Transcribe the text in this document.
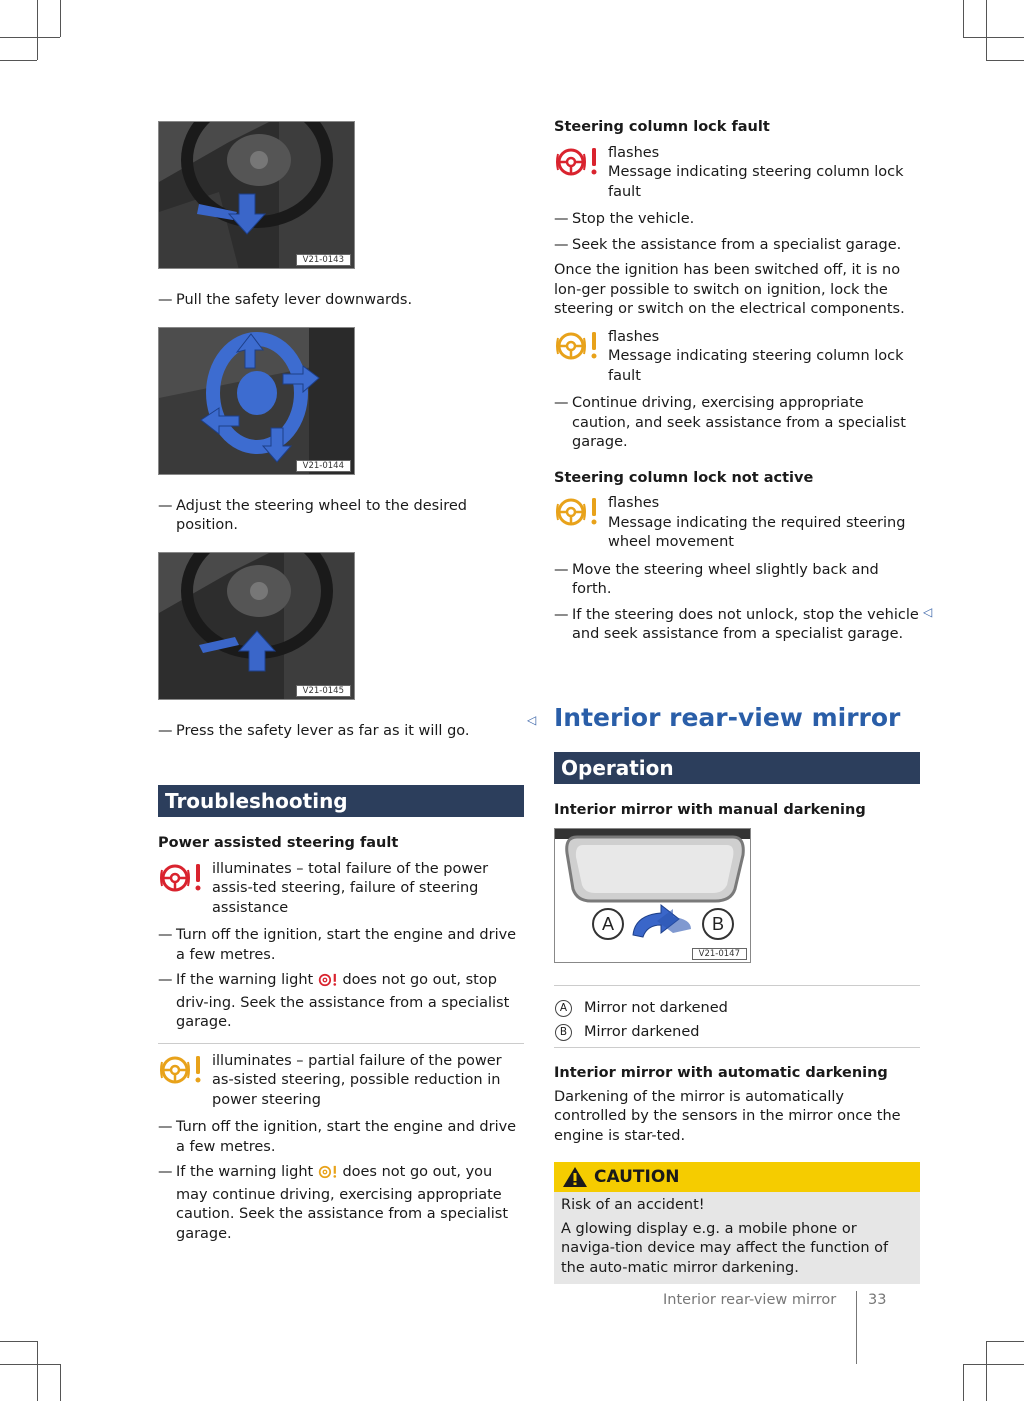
V21-0143
— Pull the safety lever downwards.
V21-0144
— Adjust the steering wheel to the desired position.
V21-0145
— Press the safety lever as far as it will go.
Troubleshooting
Power assisted steering fault
illuminates – total failure of the power assis-ted steering, failure of steering assistance
— Turn off the ignition, start the engine and drive a few metres.
— If the warning light does not go out, stop driv-ing. Seek the assistance from a specialist garage.
illuminates – partial failure of the power as-sisted steering, possible reduction in power steering
— Turn off the ignition, start the engine and drive a few metres.
— If the warning light does not go out, you may continue driving, exercising appropriate caution. Seek the assistance from a specialist garage.
◁
Steering column lock fault
flashes
Message indicating steering column lock fault
— Stop the vehicle.
— Seek the assistance from a specialist garage.

Once the ignition has been switched off, it is no lon-ger possible to switch on ignition, lock the steering or switch on the electrical components.

flashes
Message indicating steering column lock fault
— Continue driving, exercising appropriate caution, and seek assistance from a specialist garage.
Steering column lock not active
flashes
Message indicating the required steering wheel movement
— Move the steering wheel slightly back and forth.
— If the steering does not unlock, stop the vehicle and seek assistance from a specialist garage.
Interior rear-view mirror
Operation
Interior mirror with manual darkening
A	B
V21-0147
A	Mirror not darkened
B	Mirror darkened
Interior mirror with automatic darkening

Darkening of the mirror is automatically controlled by the sensors in the mirror once the engine is star-ted.

CAUTION

Risk of an accident!

A glowing display e.g. a mobile phone or naviga-tion device may affect the function of the auto-matic mirror darkening.

◁
Interior rear-view mirror 33
